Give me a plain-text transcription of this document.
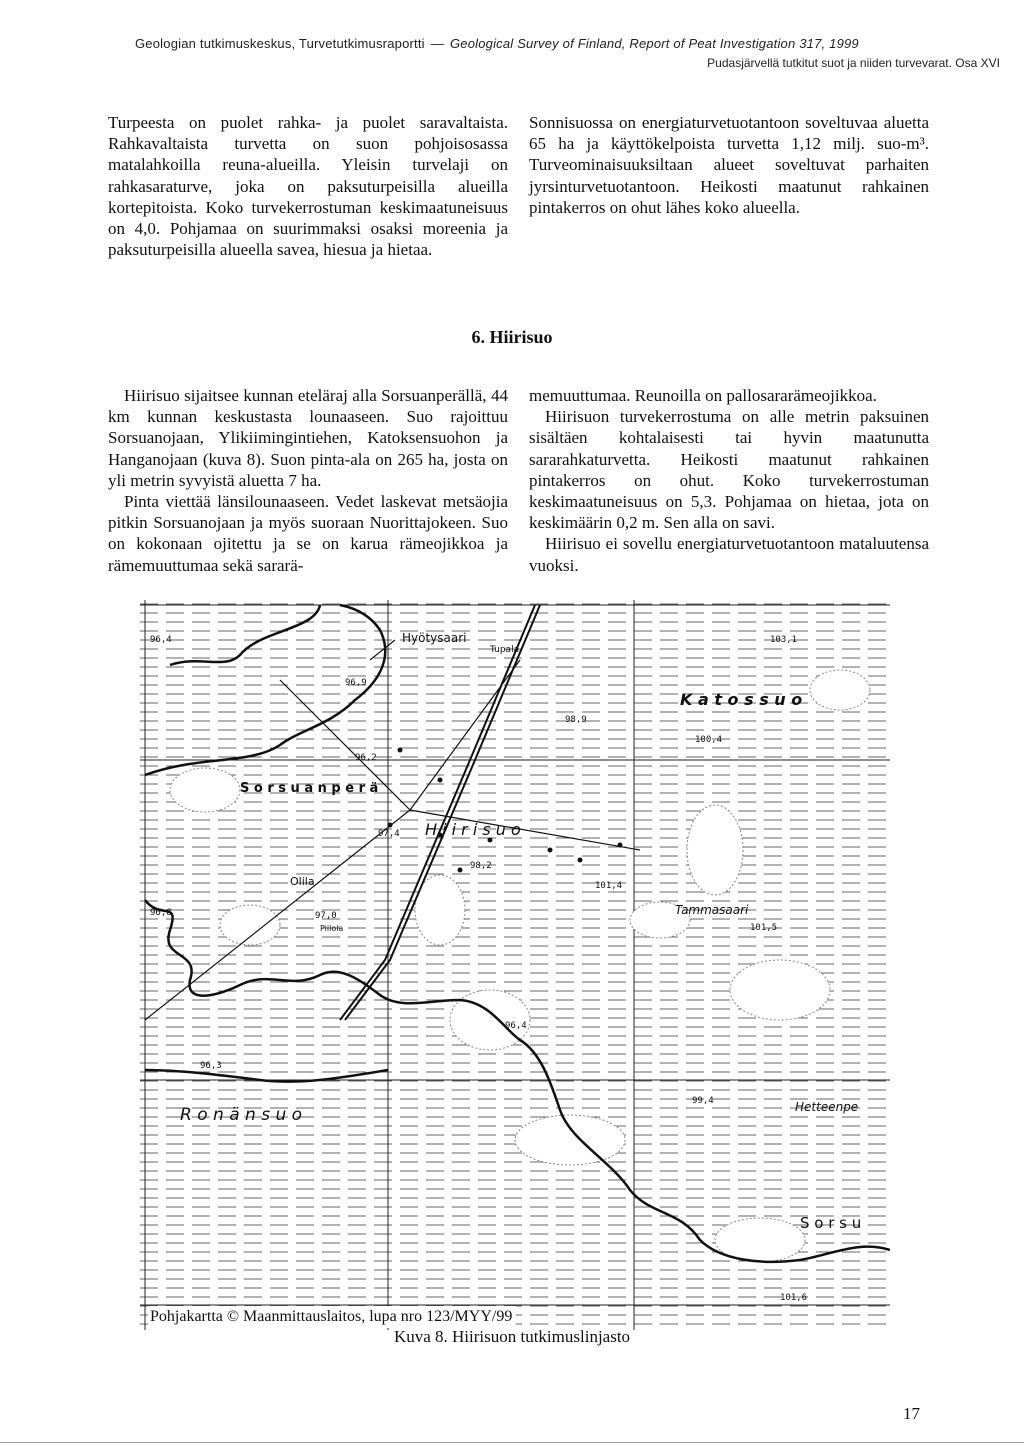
Geologian tutkimuskeskus, Turvetutkimusraportti — Geological Survey of Finland, Report of Peat Investigation 317, 1999
Pudasjärvellä tutkitut suot ja niiden turvevarat. Osa XVI

Turpeesta on puolet rahka- ja puolet saravaltaista. Rahkavaltaista turvetta on suon pohjoisosassa matalahkoilla reuna-alueilla. Yleisin turvelaji on rahkasaraturve, joka on paksuturpeisilla alueilla kortepitoista. Koko turvekerrostuman keskimaatuneisuus on 4,0. Pohjamaa on suurimmaksi osaksi moreenia ja paksuturpeisilla alueella savea, hiesua ja hietaa.

Sonnisuossa on energiaturvetuotantoon soveltuvaa aluetta 65 ha ja käyttökelpoista turvetta 1,12 milj. suo-m³. Turveominaisuuksiltaan alueet soveltuvat parhaiten jyrsinturvetuotantoon. Heikosti maatunut rahkainen pintakerros on ohut lähes koko alueella.

6. Hiirisuo

Hiirisuo sijaitsee kunnan eteläraj alla Sorsuanperällä, 44 km kunnan keskustasta lounaaseen. Suo rajoittuu Sorsuanojaan, Ylikiimingintiehen, Katoksensuohon ja Hanganojaan (kuva 8). Suon pinta-ala on 265 ha, josta on yli metrin syvyistä aluetta 7 ha.

Pinta viettää länsilounaaseen. Vedet laskevat metsäojia pitkin Sorsuanojaan ja myös suoraan Nuorittajokeen. Suo on kokonaan ojitettu ja se on karua rämeojikkoa ja rämemuuttumaa sekä sararä-

memuuttumaa. Reunoilla on pallosararämeojikkoa.

Hiirisuon turvekerrostuma on alle metrin paksuinen sisältäen kohtalaisesti tai hyvin maatunutta sararahkaturvetta. Heikosti maatunut rahkainen pintakerros on ohut. Koko turvekerrostuman keskimaatuneisuus on 5,3. Pohjamaa on hietaa, jota on keskimäärin 0,2 m. Sen alla on savi.

Hiirisuo ei sovellu energiaturvetuotantoon mataluutensa vuoksi.

K a t o s s u o
H i i r i s u o
R o n ä n s u o
S o r s u a n p e r ä
S o r s u
Hyötysaari
Tupala
Olila
Piilola
Tammasaari
Hetteenpe
96,4
96,9
96,2
97,4
98,2
101,4
101,5
96,8	97,0
100,4
103,1
98,9
96,4
96,3
99,4
101,6
Pohjakartta © Maanmittauslaitos, lupa nro 123/MYY/99
Kuva 8. Hiirisuon tutkimuslinjasto
17
